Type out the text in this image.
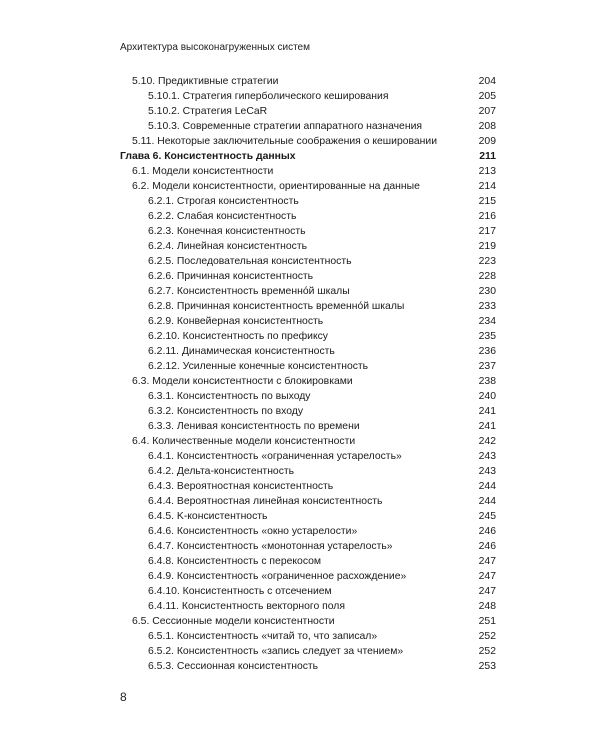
Архитектура высоконагруженных систем
5.10. Предиктивные стратегии	204
5.10.1. Стратегия гиперболического кеширования	205
5.10.2. Стратегия LeCaR	207
5.10.3. Современные стратегии аппаратного назначения	208
5.11. Некоторые заключительные соображения о кешировании	209
Глава 6. Консистентность данных	211
6.1. Модели консистентности	213
6.2. Модели консистентности, ориентированные на данные	214
6.2.1. Строгая консистентность	215
6.2.2. Слабая консистентность	216
6.2.3. Конечная консистентность	217
6.2.4. Линейная консистентность	219
6.2.5. Последовательная консистентность	223
6.2.6. Причинная консистентность	228
6.2.7. Консистентность временно́й шкалы	230
6.2.8. Причинная консистентность временно́й шкалы	233
6.2.9. Конвейерная консистентность	234
6.2.10. Консистентность по префиксу	235
6.2.11. Динамическая консистентность	236
6.2.12. Усиленные конечные консистентность	237
6.3. Модели консистентности с блокировками	238
6.3.1. Консистентность по выходу	240
6.3.2. Консистентность по входу	241
6.3.3. Ленивая консистентность по времени	241
6.4. Количественные модели консистентности	242
6.4.1. Консистентность «ограниченная устарелость»	243
6.4.2. Дельта-консистентность	243
6.4.3. Вероятностная консистентность	244
6.4.4. Вероятностная линейная консистентность	244
6.4.5. K-консистентность	245
6.4.6. Консистентность «окно устарелости»	246
6.4.7. Консистентность «монотонная устарелость»	246
6.4.8. Консистентность с перекосом	247
6.4.9. Консистентность «ограниченное расхождение»	247
6.4.10. Консистентность с отсечением	247
6.4.11. Консистентность векторного поля	248
6.5. Сессионные модели консистентности	251
6.5.1. Консистентность «читай то, что записал»	252
6.5.2. Консистентность «запись следует за чтением»	252
6.5.3. Сессионная консистентность	253
8
